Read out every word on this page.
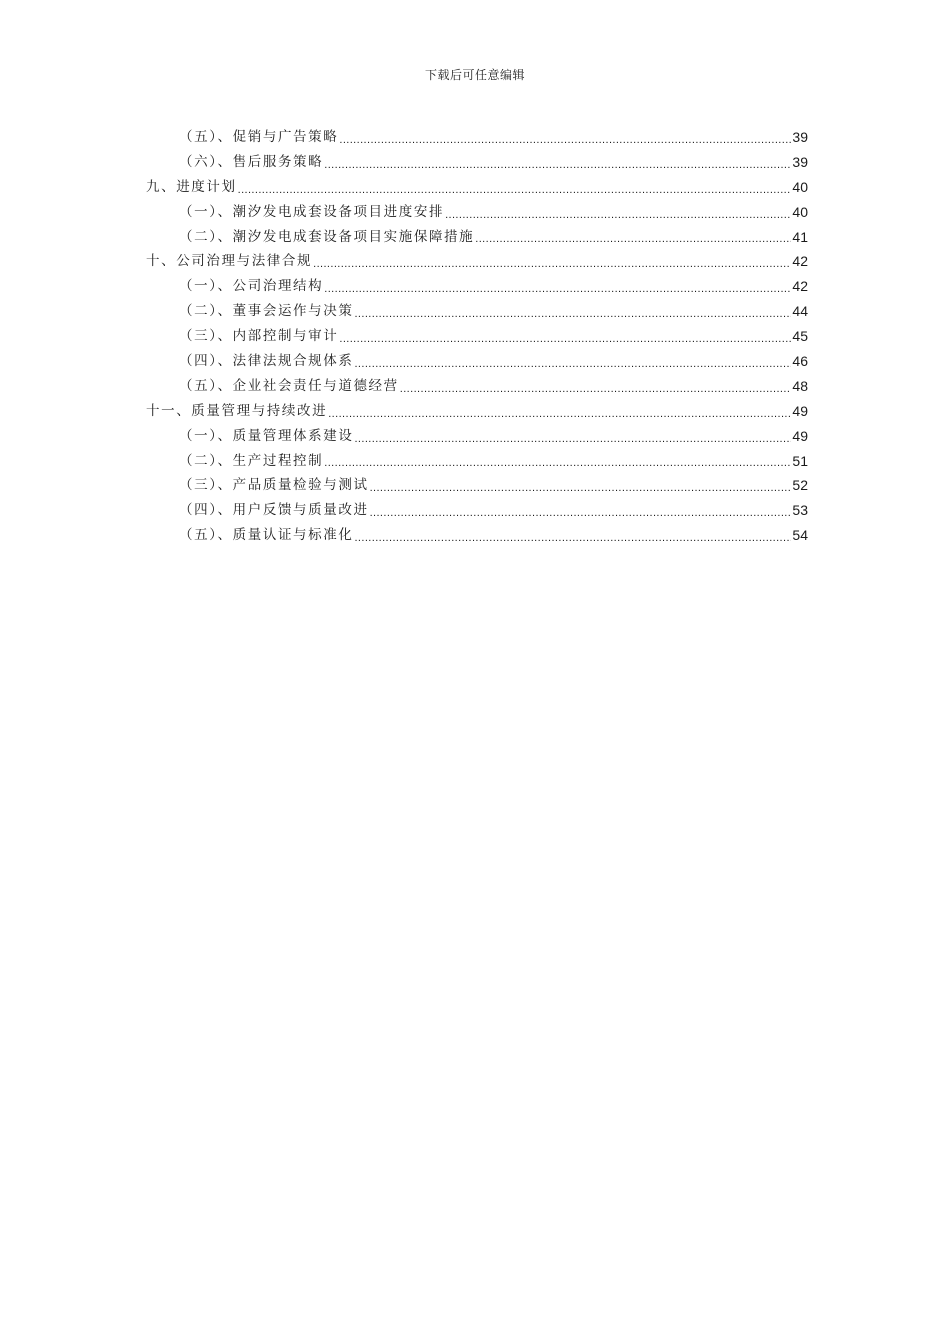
下载后可任意编辑
（五）、促销与广告策略 .....	39
（六）、售后服务策略 .....	39
九、进度计划 .....	40
（一）、潮汐发电成套设备项目进度安排 .....	40
（二）、潮汐发电成套设备项目实施保障措施 .....	41
十、公司治理与法律合规 .....	42
（一）、公司治理结构 .....	42
（二）、董事会运作与决策 .....	44
（三）、内部控制与审计 .....	45
（四）、法律法规合规体系 .....	46
（五）、企业社会责任与道德经营 .....	48
十一、质量管理与持续改进 .....	49
（一）、质量管理体系建设 .....	49
（二）、生产过程控制 .....	51
（三）、产品质量检验与测试 .....	52
（四）、用户反馈与质量改进 .....	53
（五）、质量认证与标准化 .....	54
